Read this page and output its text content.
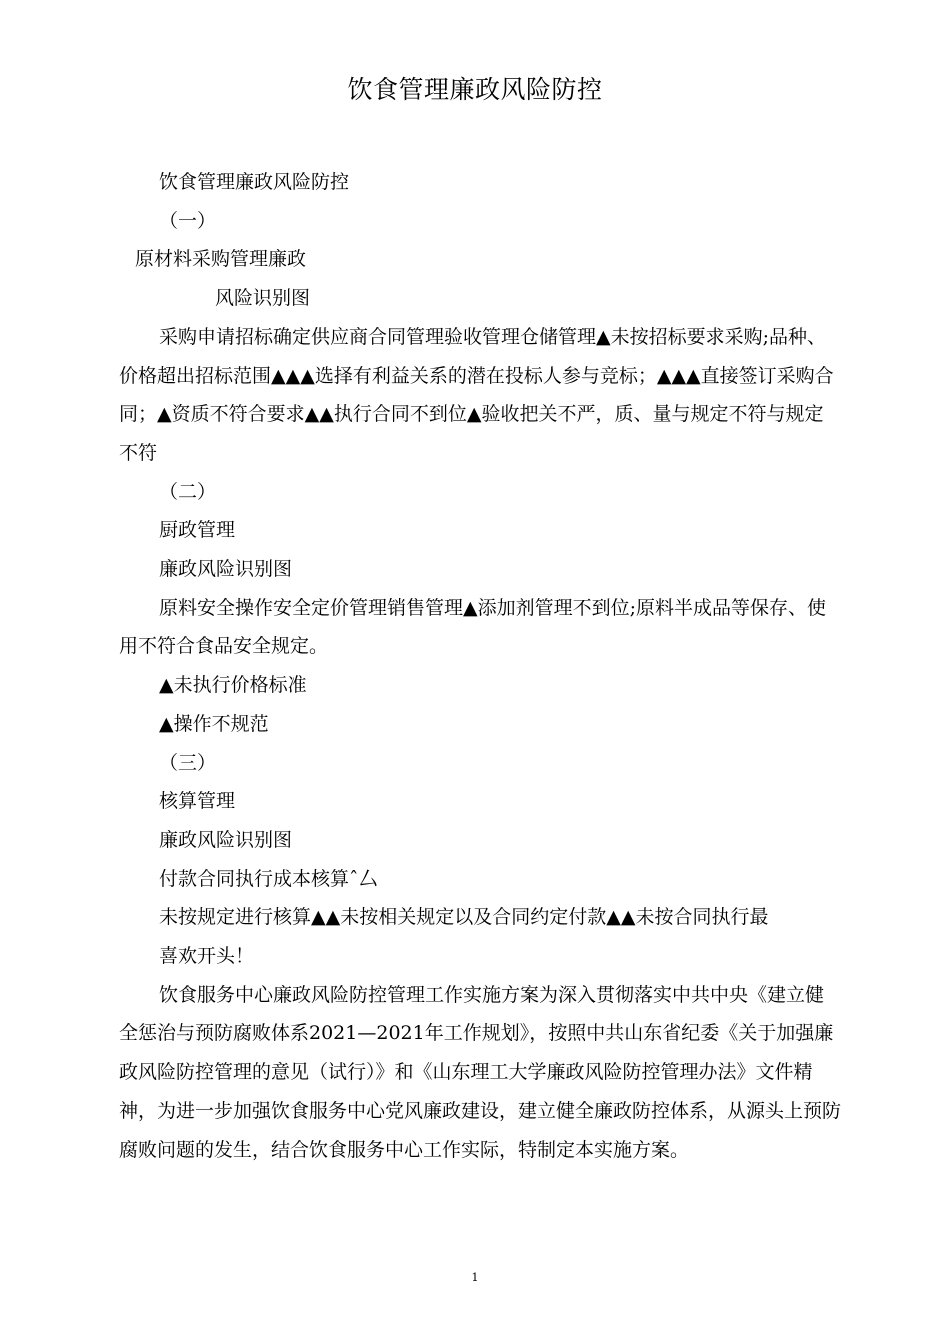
饮食管理廉政风险防控

饮食管理廉政风险防控

（一）

原材料采购管理廉政

风险识别图

采购申请招标确定供应商合同管理验收管理仓储管理▲未按招标要求采购;品种、价格超出招标范围▲▲▲选择有利益关系的潜在投标人参与竞标；▲▲▲直接签订采购合同；▲资质不符合要求▲▲执行合同不到位▲验收把关不严，质、量与规定不符与规定不符

（二）

厨政管理

廉政风险识别图

原料安全操作安全定价管理销售管理▲添加剂管理不到位;原料半成品等保存、使用不符合食品安全规定。

▲未执行价格标准

▲操作不规范

（三）

核算管理

廉政风险识别图

付款合同执行成本核算ˆ厶

未按规定进行核算▲▲未按相关规定以及合同约定付款▲▲未按合同执行最

喜欢开头！

饮食服务中心廉政风险防控管理工作实施方案为深入贯彻落实中共中央《建立健全惩治与预防腐败体系2021—2021年工作规划》，按照中共山东省纪委《关于加强廉政风险防控管理的意见（试行）》和《山东理工大学廉政风险防控管理办法》文件精神，为进一步加强饮食服务中心党风廉政建设，建立健全廉政防控体系，从源头上预防腐败问题的发生，结合饮食服务中心工作实际，特制定本实施方案。

1
